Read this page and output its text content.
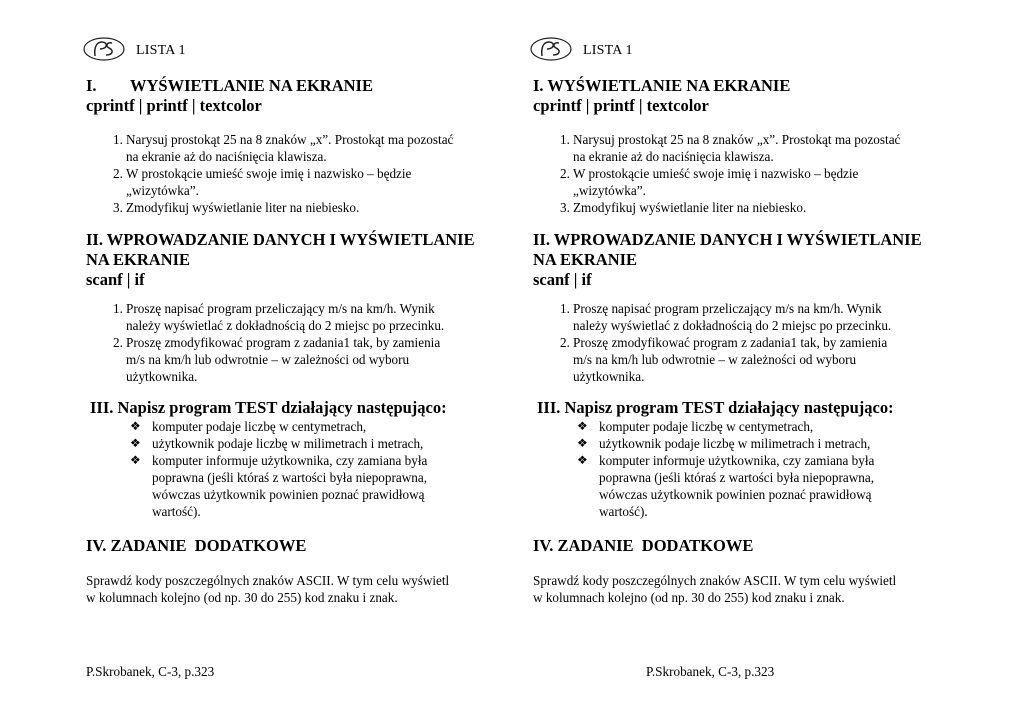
LISTA 1

I. WYŚWIETLANIE NA EKRANIE

cprintf | printf | textcolor

1. Narysuj prostokąt 25 na 8 znaków „x”. Prostokąt ma pozostać
na ekranie aż do naciśnięcia klawisza.
2. W prostokącie umieść swoje imię i nazwisko – będzie
„wizytówka”.
3. Zmodyfikuj wyświetlanie liter na niebiesko.

II. WPROWADZANIE DANYCH I WYŚWIETLANIE
NA EKRANIE

scanf | if

1. Proszę napisać program przeliczający m/s na km/h. Wynik
należy wyświetlać z dokładnością do 2 miejsc po przecinku.
2. Proszę zmodyfikować program z zadania1 tak, by zamienia
m/s na km/h lub odwrotnie – w zależności od wyboru
użytkownika.

III. Napisz program TEST działający następująco:

❖ komputer podaje liczbę w centymetrach,
❖ użytkownik podaje liczbę w milimetrach i metrach,
❖ komputer informuje użytkownika, czy zamiana była
poprawna (jeśli któraś z wartości była niepoprawna,
wówczas użytkownik powinien poznać prawidłową
wartość).

IV. ZADANIE  DODATKOWE

Sprawdź kody poszczególnych znaków ASCII. W tym celu wyświetl
w kolumnach kolejno (od np. 30 do 255) kod znaku i znak.

P.Skrobanek, C-3, p.323
LISTA 1

I. WYŚWIETLANIE NA EKRANIE

cprintf | printf | textcolor

1. Narysuj prostokąt 25 na 8 znaków „x”. Prostokąt ma pozostać
na ekranie aż do naciśnięcia klawisza.
2. W prostokącie umieść swoje imię i nazwisko – będzie
„wizytówka”.
3. Zmodyfikuj wyświetlanie liter na niebiesko.

II. WPROWADZANIE DANYCH I WYŚWIETLANIE
NA EKRANIE

scanf | if

1. Proszę napisać program przeliczający m/s na km/h. Wynik
należy wyświetlać z dokładnością do 2 miejsc po przecinku.
2. Proszę zmodyfikować program z zadania1 tak, by zamienia
m/s na km/h lub odwrotnie – w zależności od wyboru
użytkownika.

III. Napisz program TEST działający następująco:

❖ komputer podaje liczbę w centymetrach,
❖ użytkownik podaje liczbę w milimetrach i metrach,
❖ komputer informuje użytkownika, czy zamiana była
poprawna (jeśli któraś z wartości była niepoprawna,
wówczas użytkownik powinien poznać prawidłową
wartość).

IV. ZADANIE  DODATKOWE

Sprawdź kody poszczególnych znaków ASCII. W tym celu wyświetl
w kolumnach kolejno (od np. 30 do 255) kod znaku i znak.

P.Skrobanek, C-3, p.323
